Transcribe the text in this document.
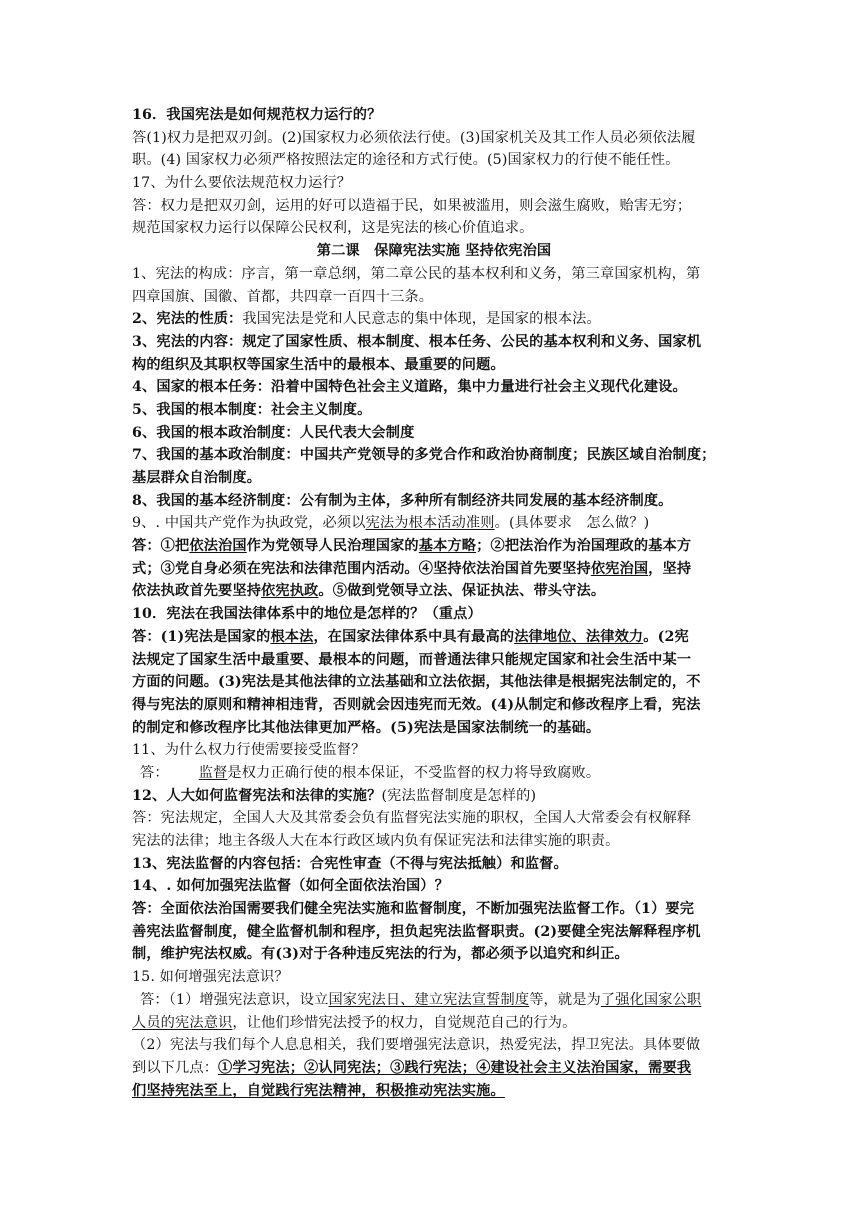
16．我国宪法是如何规范权力运行的？
答(1)权力是把双刃剑。(2)国家权力必须依法行使。(3)国家机关及其工作人员必须依法履
职。(4) 国家权力必须严格按照法定的途径和方式行使。(5)国家权力的行使不能任性。
17、为什么要依法规范权力运行？
答：权力是把双刃剑，运用的好可以造福于民，如果被滥用，则会滋生腐败，贻害无穷；
规范国家权力运行以保障公民权利，这是宪法的核心价值追求。
第二课　保障宪法实施 坚持依宪治国
1、宪法的构成：序言，第一章总纲，第二章公民的基本权利和义务，第三章国家机构，第
四章国旗、国徽、首都，共四章一百四十三条。
2、宪法的性质：我国宪法是党和人民意志的集中体现，是国家的根本法。
3、宪法的内容：规定了国家性质、根本制度、根本任务、公民的基本权利和义务、国家机
构的组织及其职权等国家生活中的最根本、最重要的问题。
4、国家的根本任务：沿着中国特色社会主义道路，集中力量进行社会主义现代化建设。
5、我国的根本制度：社会主义制度。
6、我国的根本政治制度：人民代表大会制度
7、我国的基本政治制度：中国共产党领导的多党合作和政治协商制度；民族区域自治制度；
基层群众自治制度。
8、我国的基本经济制度：公有制为主体，多种所有制经济共同发展的基本经济制度。
9、. 中国共产党作为执政党，必须以宪法为根本活动准则。(具体要求　怎么做？)
答：①把依法治国作为党领导人民治理国家的基本方略；②把法治作为治国理政的基本方
式；③党自身必须在宪法和法律范围内活动。④坚持依法治国首先要坚持依宪治国，坚持
依法执政首先要坚持依宪执政。⑤做到党领导立法、保证执法、带头守法。
10．宪法在我国法律体系中的地位是怎样的？（重点）
答：(1)宪法是国家的根本法，在国家法律体系中具有最高的法律地位、法律效力。(2宪
法规定了国家生活中最重要、最根本的问题，而普通法律只能规定国家和社会生活中某一
方面的问题。(3)宪法是其他法律的立法基础和立法依据，其他法律是根据宪法制定的，不
得与宪法的原则和精神相违背，否则就会因违宪而无效。(4)从制定和修改程序上看，宪法
的制定和修改程序比其他法律更加严格。(5)宪法是国家法制统一的基础。
11、为什么权力行使需要接受监督？
答： 监督是权力正确行使的根本保证，不受监督的权力将导致腐败。
12、人大如何监督宪法和法律的实施？(宪法监督制度是怎样的)
答：宪法规定，全国人大及其常委会负有监督宪法实施的职权，全国人大常委会有权解释
宪法的法律；地主各级人大在本行政区域内负有保证宪法和法律实施的职责。
13、宪法监督的内容包括：合宪性审查（不得与宪法抵触）和监督。
14、. 如何加强宪法监督（如何全面依法治国）？
答：全面依法治国需要我们健全宪法实施和监督制度，不断加强宪法监督工作。（1）要完
善宪法监督制度，健全监督机制和程序，担负起宪法监督职责。(2)要健全宪法解释程序机
制，维护宪法权威。有(3)对于各种违反宪法的行为，都必须予以追究和纠正。
15. 如何增强宪法意识？
答：（1）增强宪法意识，设立国家宪法日、建立宪法宣誓制度等，就是为了强化国家公职
人员的宪法意识，让他们珍惜宪法授予的权力，自觉规范自己的行为。
（2）宪法与我们每个人息息相关，我们要增强宪法意识，热爱宪法，捍卫宪法。具体要做
到以下几点：①学习宪法；②认同宪法；③践行宪法；④建设社会主义法治国家，需要我
们坚持宪法至上，自觉践行宪法精神，积极推动宪法实施。
